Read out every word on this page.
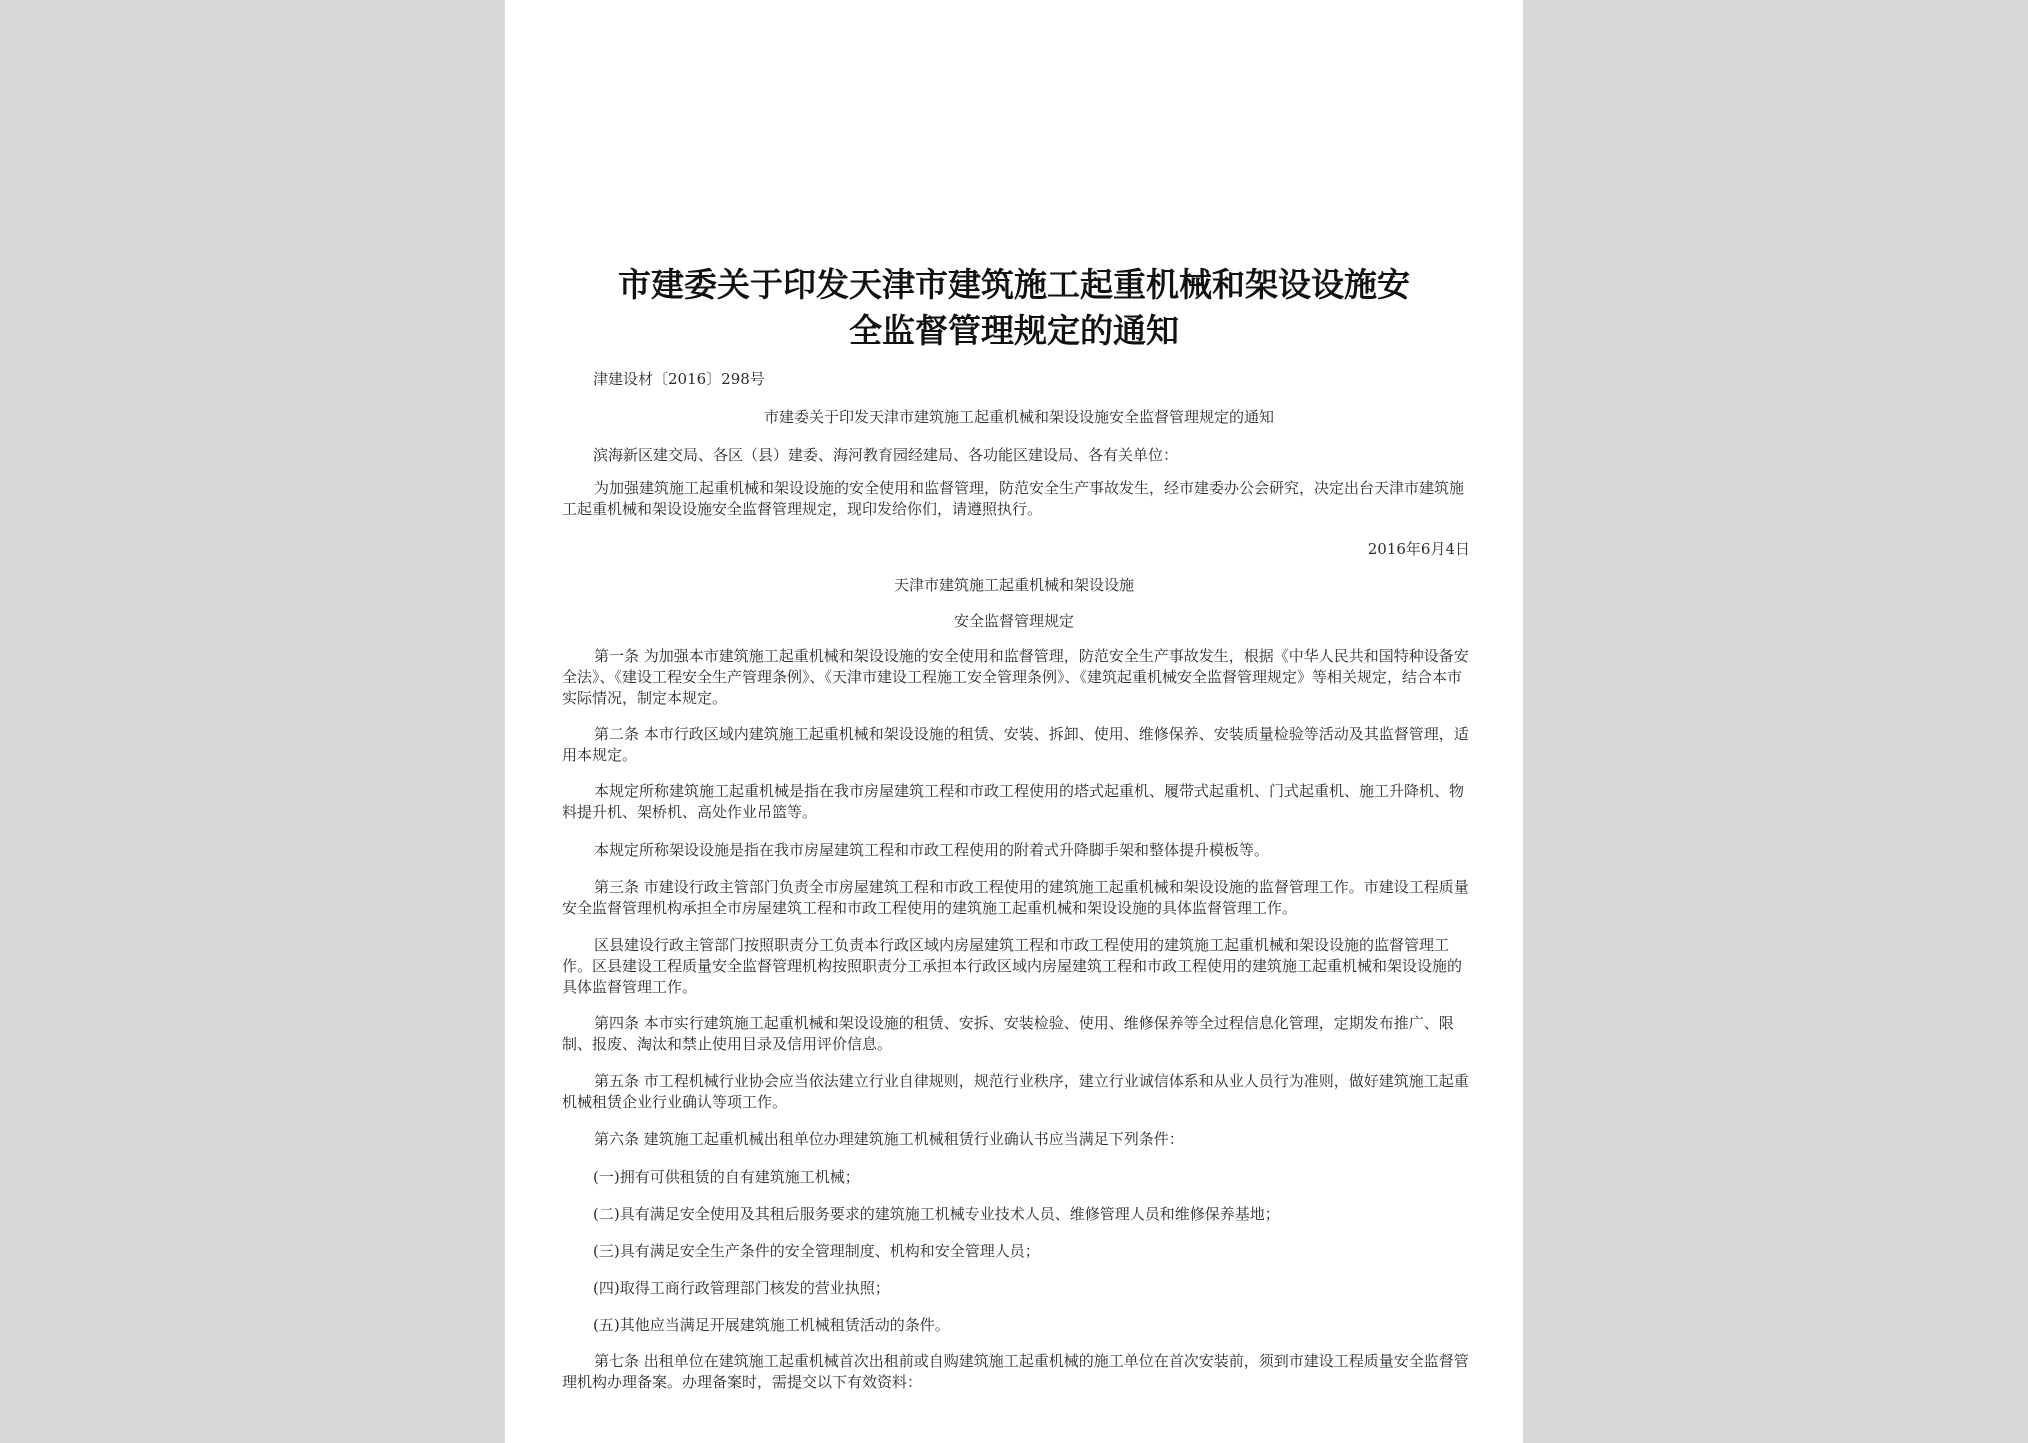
市建委关于印发天津市建筑施工起重机械和架设设施安
全监督管理规定的通知
津建设材〔2016〕298号
市建委关于印发天津市建筑施工起重机械和架设设施安全监督管理规定的通知
滨海新区建交局、各区（县）建委、海河教育园经建局、各功能区建设局、各有关单位：

为加强建筑施工起重机械和架设设施的安全使用和监督管理，防范安全生产事故发生，经市建委办公会研究，决定出台天津市建筑施工起重机械和架设设施安全监督管理规定，现印发给你们，请遵照执行。

2016年6月4日
天津市建筑施工起重机械和架设设施
安全监督管理规定

第一条 为加强本市建筑施工起重机械和架设设施的安全使用和监督管理，防范安全生产事故发生，根据《中华人民共和国特种设备安全法》、《建设工程安全生产管理条例》、《天津市建设工程施工安全管理条例》、《建筑起重机械安全监督管理规定》等相关规定，结合本市实际情况，制定本规定。

第二条 本市行政区域内建筑施工起重机械和架设设施的租赁、安装、拆卸、使用、维修保养、安装质量检验等活动及其监督管理，适用本规定。

本规定所称建筑施工起重机械是指在我市房屋建筑工程和市政工程使用的塔式起重机、履带式起重机、门式起重机、施工升降机、物料提升机、架桥机、高处作业吊篮等。

本规定所称架设设施是指在我市房屋建筑工程和市政工程使用的附着式升降脚手架和整体提升模板等。

第三条 市建设行政主管部门负责全市房屋建筑工程和市政工程使用的建筑施工起重机械和架设设施的监督管理工作。市建设工程质量安全监督管理机构承担全市房屋建筑工程和市政工程使用的建筑施工起重机械和架设设施的具体监督管理工作。

区县建设行政主管部门按照职责分工负责本行政区域内房屋建筑工程和市政工程使用的建筑施工起重机械和架设设施的监督管理工作。区县建设工程质量安全监督管理机构按照职责分工承担本行政区域内房屋建筑工程和市政工程使用的建筑施工起重机械和架设设施的具体监督管理工作。

第四条 本市实行建筑施工起重机械和架设设施的租赁、安拆、安装检验、使用、维修保养等全过程信息化管理，定期发布推广、限制、报废、淘汰和禁止使用目录及信用评价信息。

第五条 市工程机械行业协会应当依法建立行业自律规则，规范行业秩序，建立行业诚信体系和从业人员行为准则，做好建筑施工起重机械租赁企业行业确认等项工作。

第六条 建筑施工起重机械出租单位办理建筑施工机械租赁行业确认书应当满足下列条件：

(一)拥有可供租赁的自有建筑施工机械；
(二)具有满足安全使用及其租后服务要求的建筑施工机械专业技术人员、维修管理人员和维修保养基地；
(三)具有满足安全生产条件的安全管理制度、机构和安全管理人员；
(四)取得工商行政管理部门核发的营业执照；
(五)其他应当满足开展建筑施工机械租赁活动的条件。

第七条 出租单位在建筑施工起重机械首次出租前或自购建筑施工起重机械的施工单位在首次安装前，须到市建设工程质量安全监督管理机构办理备案。办理备案时，需提交以下有效资料：
